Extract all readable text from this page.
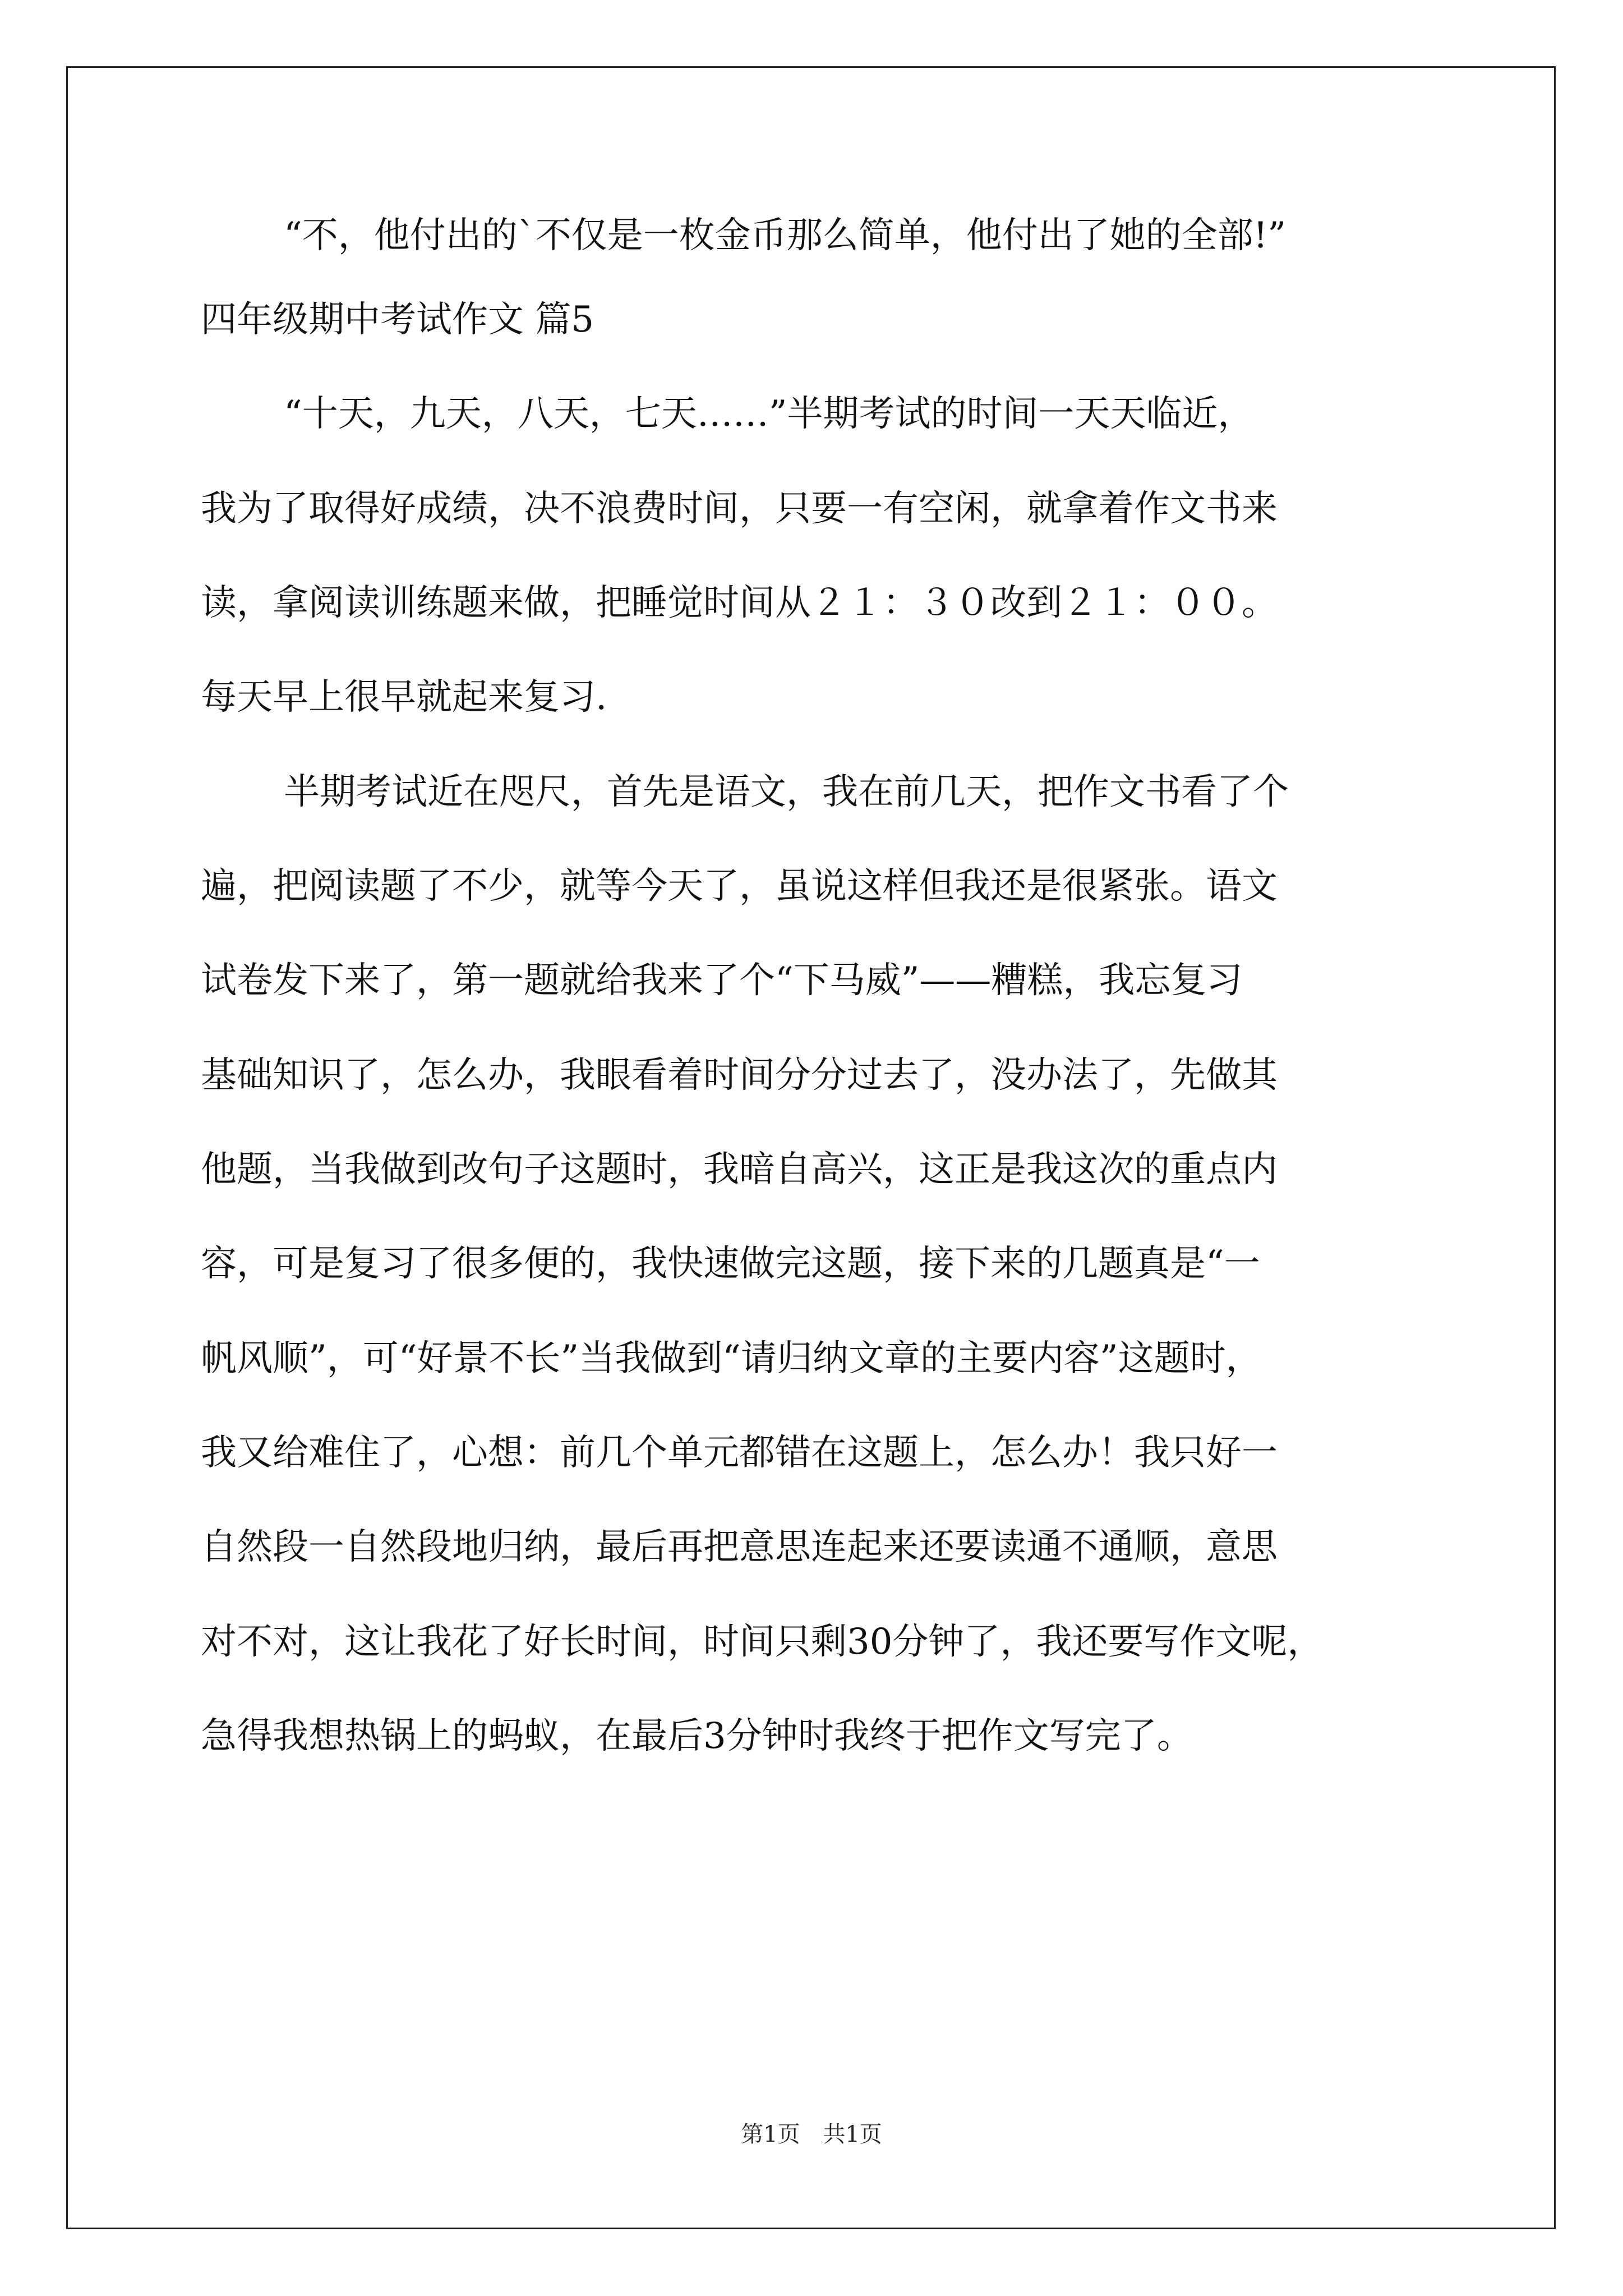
“不，他付出的`不仅是一枚金币那么简单，他付出了她的全部!”
四年级期中考试作文 篇5
“十天，九天，八天，七天……”半期考试的时间一天天临近，
我为了取得好成绩，决不浪费时间，只要一有空闲，就拿着作文书来
读，拿阅读训练题来做，把睡觉时间从２１：３０改到２１：００。
每天早上很早就起来复习.
半期考试近在咫尺，首先是语文，我在前几天，把作文书看了个
遍，把阅读题了不少，就等今天了，虽说这样但我还是很紧张。语文
试卷发下来了，第一题就给我来了个“下马威”——糟糕，我忘复习
基础知识了，怎么办，我眼看着时间分分过去了，没办法了，先做其
他题，当我做到改句子这题时，我暗自高兴，这正是我这次的重点内
容，可是复习了很多便的，我快速做完这题，接下来的几题真是“一
帆风顺”，可“好景不长”当我做到“请归纳文章的主要内容”这题时，
我又给难住了，心想：前几个单元都错在这题上，怎么办！我只好一
自然段一自然段地归纳，最后再把意思连起来还要读通不通顺，意思
对不对，这让我花了好长时间，时间只剩30分钟了，我还要写作文呢，
急得我想热锅上的蚂蚁，在最后3分钟时我终于把作文写完了。
第1页 共1页
